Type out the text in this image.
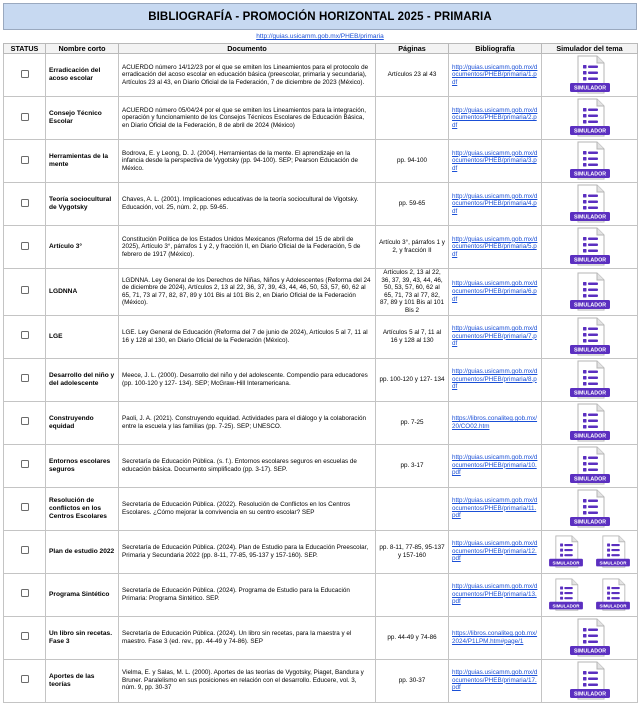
BIBLIOGRAFÍA - PROMOCIÓN HORIZONTAL 2025 - PRIMARIA
http://guias.usicamm.gob.mx/PHEB/primaria
STATUS	Nombre corto	Documento	Páginas	Bibliografía	Simulador del tema
	Erradicación del acoso escolar	ACUERDO número 14/12/23 por el que se emiten los Lineamientos para el protocolo de erradicación del acoso escolar en educación básica (preescolar, primaria y secundaria), Artículos 23 al 43, en Diario Oficial de la Federación, 7 de diciembre de 2023 (México).	Artículos 23 al 43	http://guias.usicamm.gob.mx/documentos/PHEB/primaria/1.pdf	SIMULADOR

	Consejo Técnico Escolar	ACUERDO número 05/04/24 por el que se emiten los Lineamientos para la integración, operación y funcionamiento de los Consejos Técnicos Escolares de Educación Básica, en Diario Oficial de la Federación, 8 de abril de 2024 (México)		http://guias.usicamm.gob.mx/documentos/PHEB/primaria/2.pdf	SIMULADOR

	Herramientas de la mente	Bodrova, E. y Leong, D. J. (2004). Herramientas de la mente. El aprendizaje en la infancia desde la perspectiva de Vygotsky (pp. 94-100). SEP; Pearson Educación de México.	pp. 94-100	http://guias.usicamm.gob.mx/documentos/PHEB/primaria/3.pdf	SIMULADOR

	Teoría sociocultural de Vygotsky	Chaves, A. L. (2001). Implicaciones educativas de la teoría sociocultural de Vigotsky. Educación, vol. 25, núm. 2, pp. 59-65.	pp. 59-65	http://guias.usicamm.gob.mx/documentos/PHEB/primaria/4.pdf	SIMULADOR

	Artículo 3°	Constitución Política de los Estados Unidos Mexicanos (Reforma del 15 de abril de 2025), Artículo 3°, párrafos 1 y 2, y fracción II, en Diario Oficial de la Federación, 5 de febrero de 1917 (México).	Artículo 3°, párrafos 1 y 2, y fracción II	http://guias.usicamm.gob.mx/documentos/PHEB/primaria/5.pdf	SIMULADOR

	LGDNNA	LGDNNA. Ley General de los Derechos de Niñas, Niños y Adolescentes (Reforma del 24 de diciembre de 2024), Artículos 2, 13 al 22, 36, 37, 39, 43, 44, 46, 50, 53, 57, 60, 62 al 65, 71, 73 al 77, 82, 87, 89 y 101 Bis al 101 Bis 2, en Diario Oficial de la Federación (México).	Artículos 2, 13 al 22, 36, 37, 39, 43, 44, 46, 50, 53, 57, 60, 62 al 65, 71, 73 al 77, 82, 87, 89 y 101 Bis al 101 Bis 2	http://guias.usicamm.gob.mx/documentos/PHEB/primaria/6.pdf	SIMULADOR

	LGE	LGE. Ley General de Educación (Reforma del 7 de junio de 2024), Artículos 5 al 7, 11 al 16 y 128 al 130, en Diario Oficial de la Federación (México).	Artículos 5 al 7, 11 al 16 y 128 al 130	http://guias.usicamm.gob.mx/documentos/PHEB/primaria/7.pdf	SIMULADOR

	Desarrollo del niño y del adolescente	Meece, J. L. (2000). Desarrollo del niño y del adolescente. Compendio para educadores (pp. 100-120 y 127- 134). SEP; McGraw-Hill Interamericana.	pp. 100-120 y 127- 134	http://guias.usicamm.gob.mx/documentos/PHEB/primaria/8.pdf	SIMULADOR

	Construyendo equidad	Paoli, J. A. (2021). Construyendo equidad. Actividades para el diálogo y la colaboración entre la escuela y las familias (pp. 7-25). SEP; UNESCO.	pp. 7-25	https://libros.conaliteg.gob.mx/20/CO02.htm	SIMULADOR

	Entornos escolares seguros	Secretaría de Educación Pública. (s. f.). Entornos escolares seguros en escuelas de educación básica. Documento simplificado (pp. 3-17). SEP.	pp. 3-17	http://guias.usicamm.gob.mx/documentos/PHEB/primaria/10.pdf	SIMULADOR

	Resolución de conflictos en los Centros Escolares	Secretaría de Educación Pública. (2022). Resolución de Conflictos en los Centros Escolares. ¿Cómo mejorar la convivencia en su centro escolar? SEP		http://guias.usicamm.gob.mx/documentos/PHEB/primaria/11.pdf	SIMULADOR

	Plan de estudio 2022	Secretaría de Educación Pública. (2024). Plan de Estudio para la Educación Preescolar, Primaria y Secundaria 2022 (pp. 8-11, 77-85, 95-137 y 157-160). SEP.	pp. 8-11, 77-85, 95-137 y 157-160	http://guias.usicamm.gob.mx/documentos/PHEB/primaria/12.pdf	SIMULADOR SIMULADOR

	Programa Sintético	Secretaría de Educación Pública. (2024). Programa de Estudio para la Educación Primaria: Programa Sintético. SEP.		http://guias.usicamm.gob.mx/documentos/PHEB/primaria/13.pdf	SIMULADOR SIMULADOR

	Un libro sin recetas. Fase 3	Secretaría de Educación Pública. (2024). Un libro sin recetas, para la maestra y el maestro. Fase 3 (ed. rev., pp. 44-49 y 74-86). SEP	pp. 44-49 y 74-86	https://libros.conaliteg.gob.mx/2024/P1LPM.htm#page/1	SIMULADOR

	Aportes de las teorías	Vielma, E. y Salas, M. L. (2000). Aportes de las teorías de Vygotsky, Piaget, Bandura y Bruner. Paralelismo en sus posiciones en relación con el desarrollo. Educere, vol. 3, núm. 9, pp. 30-37	pp. 30-37	http://guias.usicamm.gob.mx/documentos/PHEB/primaria/17.pdf	SIMULADOR
